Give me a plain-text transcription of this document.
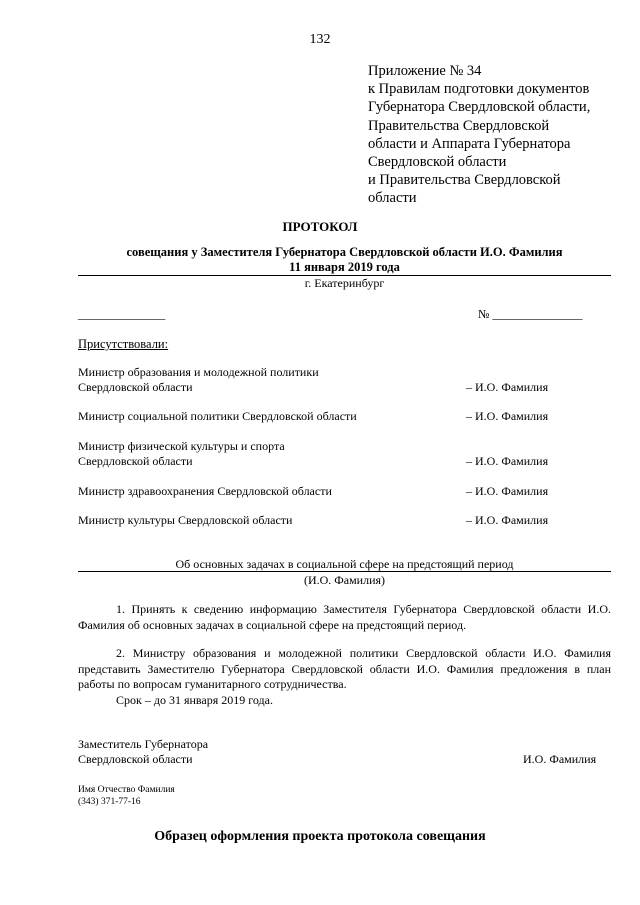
132
Приложение № 34
к Правилам подготовки документов
Губернатора Свердловской области,
Правительства Свердловской
области и Аппарата Губернатора
Свердловской области
и Правительства Свердловской
области
ПРОТОКОЛ
совещания у Заместителя Губернатора Свердловской области И.О. Фамилия
11 января 2019 года
г. Екатеринбург
_______________	№ _______________
Присутствовали:
Министр образования и молодежной политики Свердловской области	– И.О. Фамилия
Министр социальной политики Свердловской области	– И.О. Фамилия
Министр физической культуры и спорта Свердловской области	– И.О. Фамилия
Министр здравоохранения Свердловской области	– И.О. Фамилия
Министр культуры Свердловской области	– И.О. Фамилия
Об основных задачах в социальной сфере на предстоящий период
(И.О. Фамилия)
1. Принять к сведению информацию Заместителя Губернатора Свердловской области И.О. Фамилия об основных задачах в социальной сфере на предстоящий период.
2. Министру образования и молодежной политики Свердловской области И.О. Фамилия представить Заместителю Губернатора Свердловской области И.О. Фамилия предложения в план работы по вопросам гуманитарного сотрудничества.
Срок – до 31 января 2019 года.
Заместитель Губернатора
Свердловской области	И.О. Фамилия
Имя Отчество Фамилия
(343) 371-77-16
Образец оформления проекта протокола совещания
